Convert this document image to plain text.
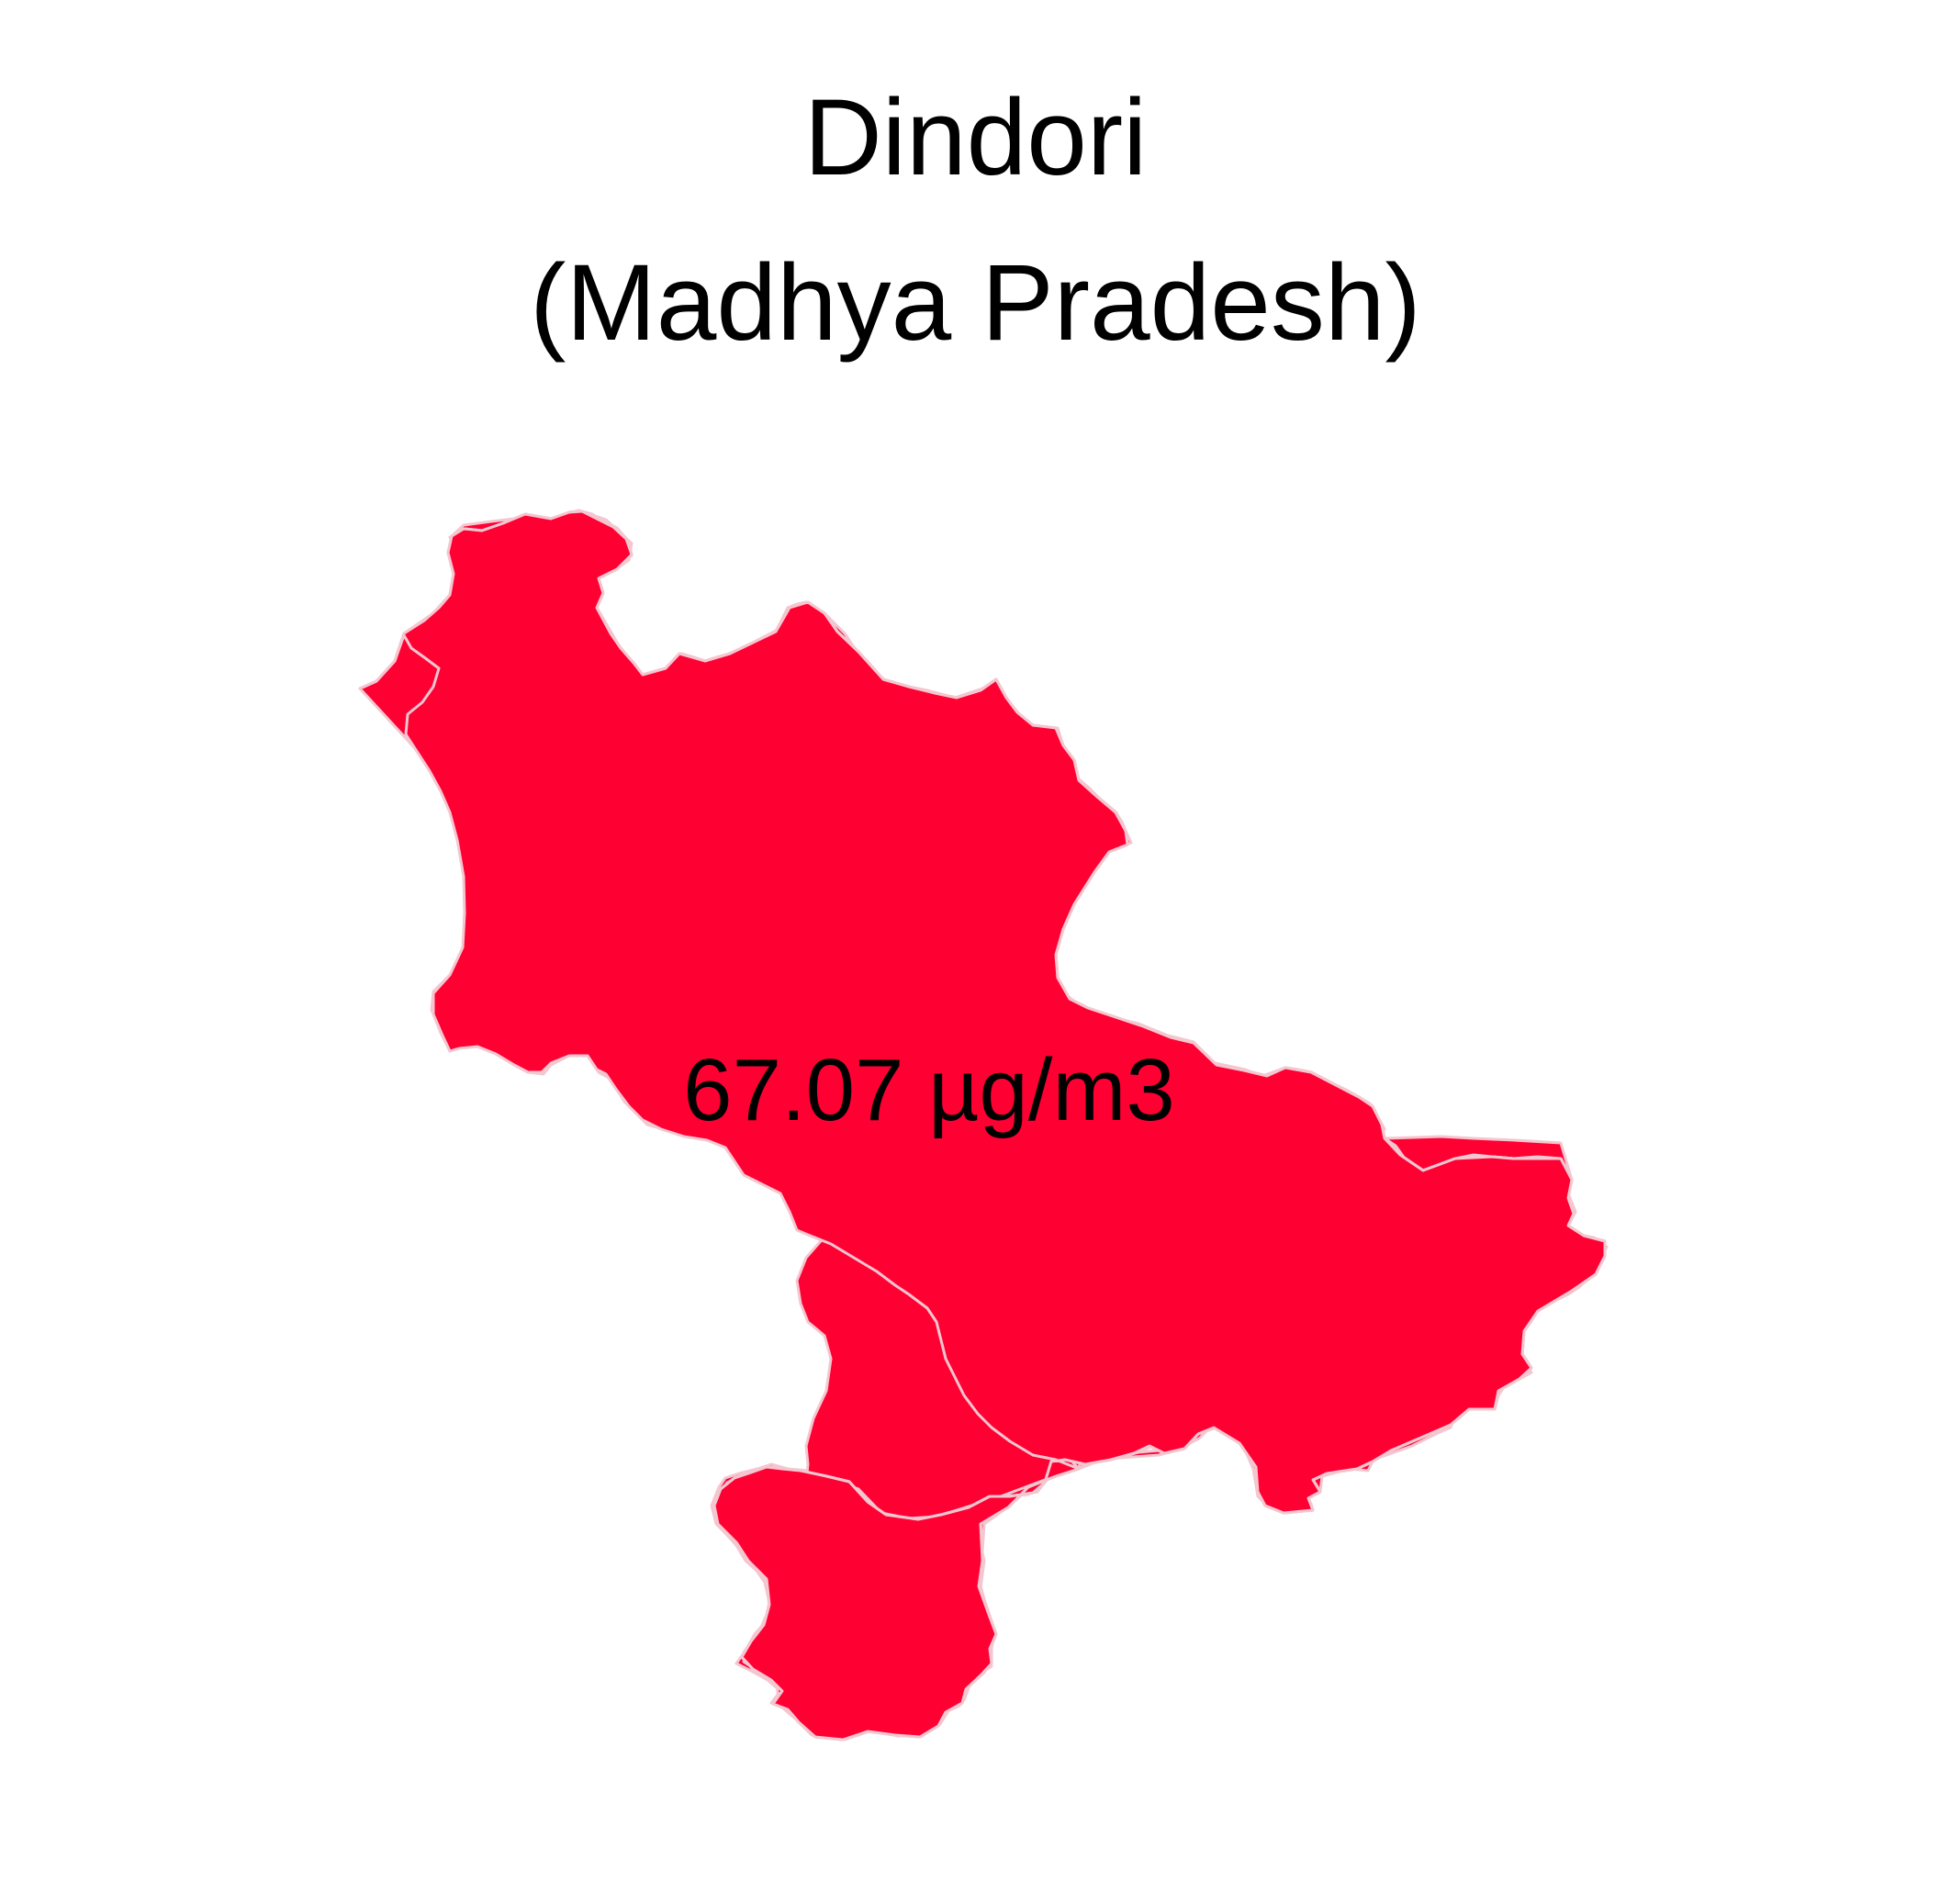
Dindori
(Madhya Pradesh)
67.07 µg/m3
